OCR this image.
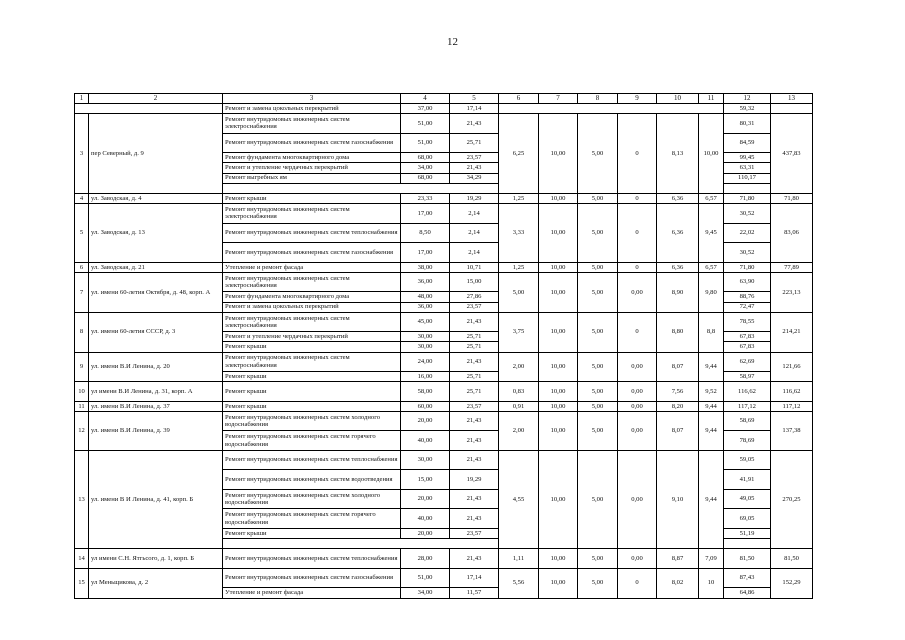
12
1	2	3	4	5	6	7	8	9	10	11	12	13
		Ремонт и замена цокольных перекрытий	37,00	17,14							59,32	
3	пер Северный, д. 9	Ремонт внутридомовых инженерных систем электроснабжения	51,00	21,43	6,25	10,00	5,00	0	8,13	10,00	80,31	437,83
		Ремонт внутридомовых инженерных систем газоснабжения	51,00	25,71							84,59	
		Ремонт фундамента многоквартирного дома	68,00	23,57							99,45	
		Ремонт и утепление чердачных перекрытий	34,00	21,43							63,31	
		Ремонт выгребных ям	68,00	34,29							110,17	

4	ул. Заводская, д. 4	Ремонт крыши	23,33	19,29	1,25	10,00	5,00	0	6,36	6,57	71,80	71,80
5	ул. Заводская, д. 13	Ремонт внутридомовых инженерных систем электроснабжения	17,00	2,14	3,33	10,00	5,00	0	6,36	9,45	30,52	83,06
		Ремонт внутридомовых инженерных систем теплоснабжения	8,50	2,14							22,02	
		Ремонт внутридомовых инженерных систем газоснабжения	17,00	2,14							30,52	
6	ул. Заводская, д. 21	Утепление и ремонт фасада	38,00	10,71	1,25	10,00	5,00	0	6,36	6,57	71,80	77,89
7	ул. имени 60-летия Октября, д. 48, корп. А	Ремонт внутридомовых инженерных систем электроснабжения	36,00	15,00	5,00	10,00	5,00	0,00	8,90	9,80	63,90	223,13
		Ремонт фундамента многоквартирного дома	48,00	27,86							88,76	
		Ремонт и замена цокольных перекрытий	36,00	23,57							72,47	
8	ул. имени 60-летия СССР, д. 3	Ремонт внутридомовых инженерных систем электроснабжения	45,00	21,43	3,75	10,00	5,00	0	8,80	8,8	78,55	214,21
		Ремонт и утепление чердачных перекрытий	30,00	25,71							67,83	
		Ремонт крыши	30,00	25,71							67,83	
9	ул. имени В.И Ленина, д. 20	Ремонт внутридомовых инженерных систем электроснабжения	24,00	21,43	2,00	10,00	5,00	0,00	8,07	9,44	62,69	121,66
		Ремонт крыши	16,00	25,71							58,97	
10	ул имени В.И Ленина, д. 31, корп. А	Ремонт крыши	58,00	25,71	0,83	10,00	5,00	0,00	7,56	9,52	116,62	116,62
11	ул. имени В.И Ленина, д. 37	Ремонт крыши	60,00	23,57	0,91	10,00	5,00	0,00	8,20	9,44	117,12	117,12
12	ул. имени В.И Ленина, д. 39	Ремонт внутридомовых инженерных систем холодного водоснабжения	20,00	21,43	2,00	10,00	5,00	0,00	8,07	9,44	58,69	137,38
		Ремонт внутридомовых инженерных систем горячего водоснабжения	40,00	21,43							78,69	
13	ул. имени В И Ленина, д. 41, корп. Б	Ремонт внутридомовых инженерных систем теплоснабжения	30,00	21,43	4,55	10,00	5,00	0,00	9,10	9,44	59,05	270,25
		Ремонт внутридомовых инженерных систем водоотведения	15,00	19,29							41,91	
		Ремонт внутридомовых инженерных систем холодного водоснабжения	20,00	21,43							49,05	
		Ремонт внутридомовых инженерных систем горячего водоснабжения	40,00	21,43							69,05	
		Ремонт крыши	20,00	23,57							51,19	

14	ул имени С.Н. Ятгьсого, д. 1, корп. Б	Ремонт внутридомовых инженерных систем теплоснабжения	28,00	21,43	1,11	10,00	5,00	0,00	8,87	7,09	81,50	81,50
15	ул Меньщикова, д. 2	Ремонт внутридомовых инженерных систем газоснабжения	51,00	17,14	5,56	10,00	5,00	0	8,02	10	87,43	152,29
		Утепление и ремонт фасада	34,00	11,57							64,86	
